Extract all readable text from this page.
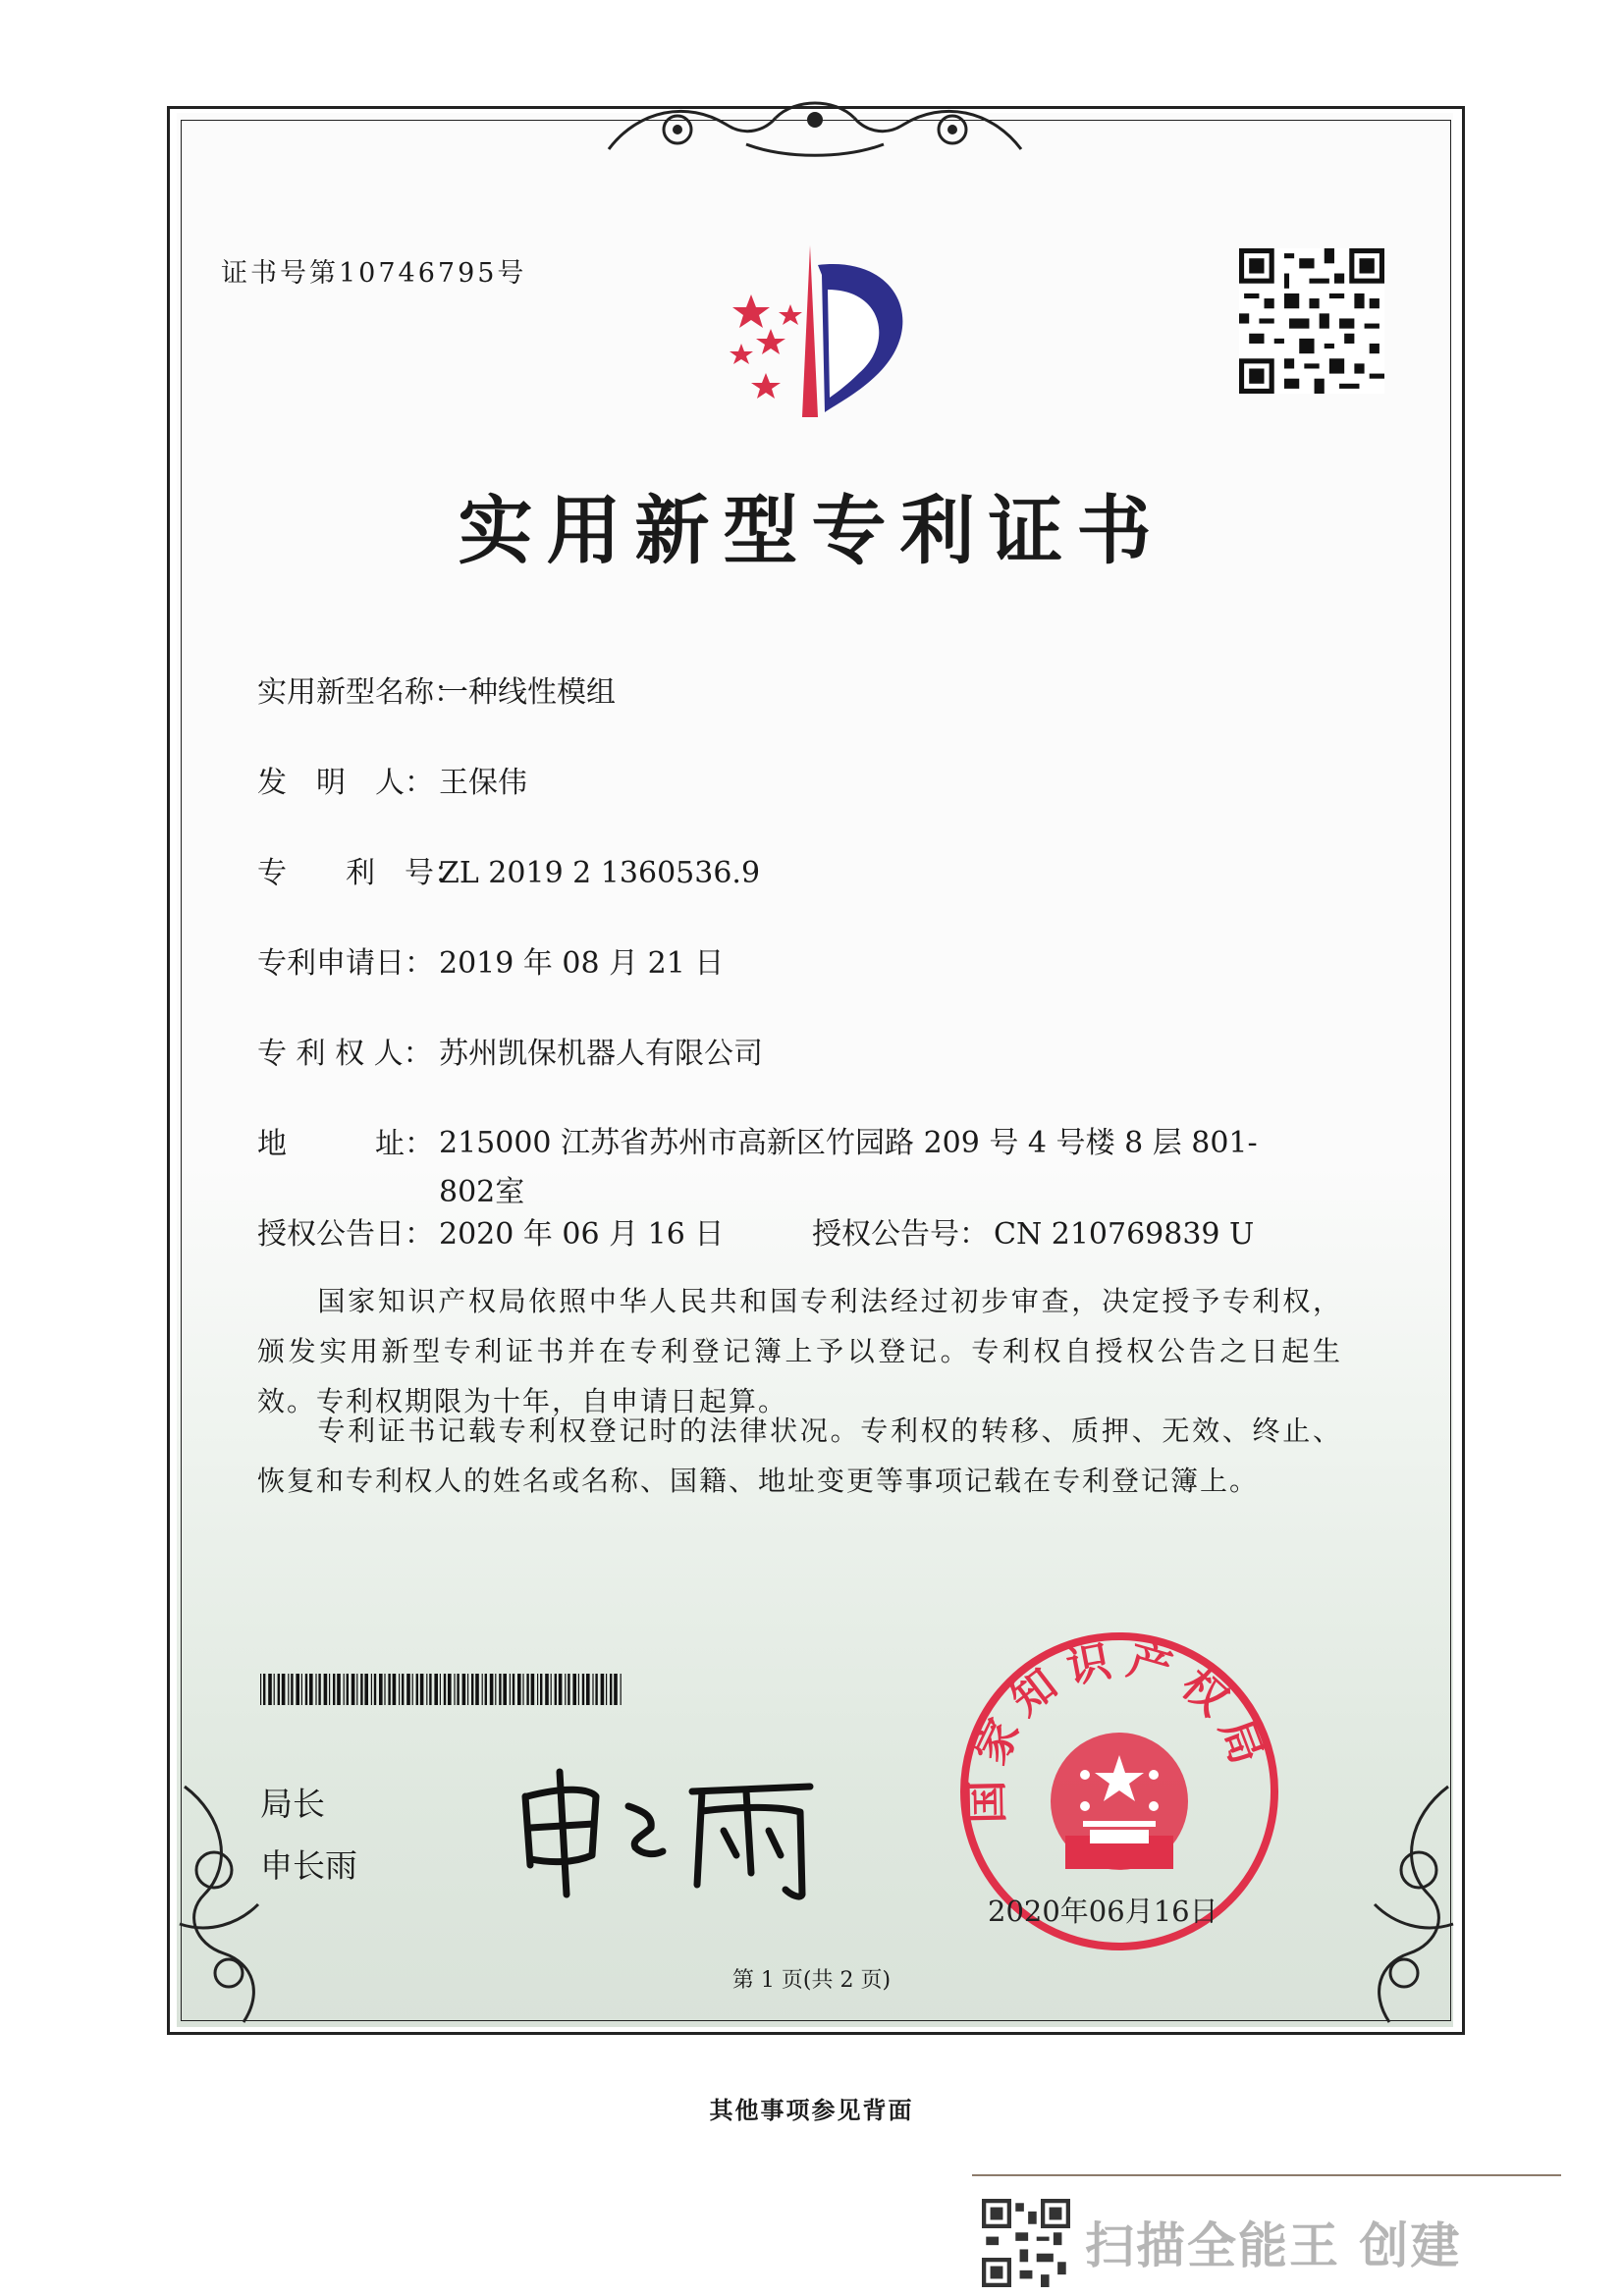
证书号第10746795号
实用新型专利证书
实用新型名称：一种线性模组
发　明　人： 王保伟
专　　利　号：ZL 2019 2 1360536.9
专利申请日： 2019 年 08 月 21 日
专 利 权 人： 苏州凯保机器人有限公司
地　　　址： 215000 江苏省苏州市高新区竹园路 209 号 4 号楼 8 层 801-802室
授权公告日： 2020 年 06 月 16 日	授权公告号： CN 210769839 U
　　国家知识产权局依照中华人民共和国专利法经过初步审查，决定授予专利权，颁发实用新型专利证书并在专利登记簿上予以登记。专利权自授权公告之日起生效。专利权期限为十年，自申请日起算。
　　专利证书记载专利权登记时的法律状况。专利权的转移、质押、无效、终止、恢复和专利权人的姓名或名称、国籍、地址变更等事项记载在专利登记簿上。
局长
申长雨
国家知识产权局
2020年06月16日
第 1 页(共 2 页)
其他事项参见背面
扫描全能王 创建
